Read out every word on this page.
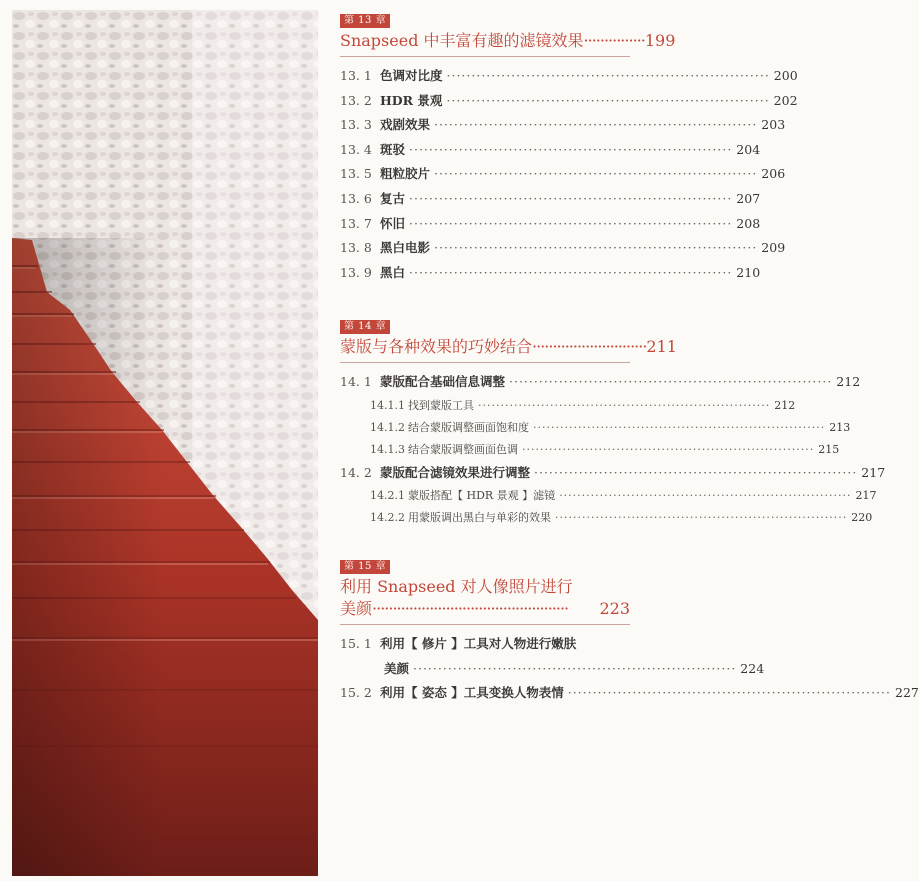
第 13 章
Snapseed 中丰富有趣的滤镜效果 ··············· 199
13. 1 色调对比度 ································································· 200
13. 2 HDR 景观 ································································· 202
13. 3 戏剧效果 ································································· 203
13. 4 斑驳 ································································· 204
13. 5 粗粒胶片 ································································· 206
13. 6 复古 ································································· 207
13. 7 怀旧 ································································· 208
13. 8 黑白电影 ································································· 209
13. 9 黑白 ································································· 210
第 14 章
蒙版与各种效果的巧妙结合 ···························· 211
14. 1 蒙版配合基础信息调整 ································································· 212
14.1.1 找到蒙版工具 ································································· 212
14.1.2 结合蒙版调整画面饱和度 ································································· 213
14.1.3 结合蒙版调整画面色调 ································································· 215
14. 2 蒙版配合滤镜效果进行调整 ································································· 217
14.2.1 蒙版搭配【 HDR 景观 】滤镜 ································································· 217
14.2.2 用蒙版调出黑白与单彩的效果 ································································· 220
第 15 章
利用 Snapseed 对人像照片进行
美颜 ················································	223
15. 1 利用【 修片 】工具对人物进行嫩肤
美颜 ································································· 224
15. 2 利用【 姿态 】工具变换人物表情 ································································· 227
